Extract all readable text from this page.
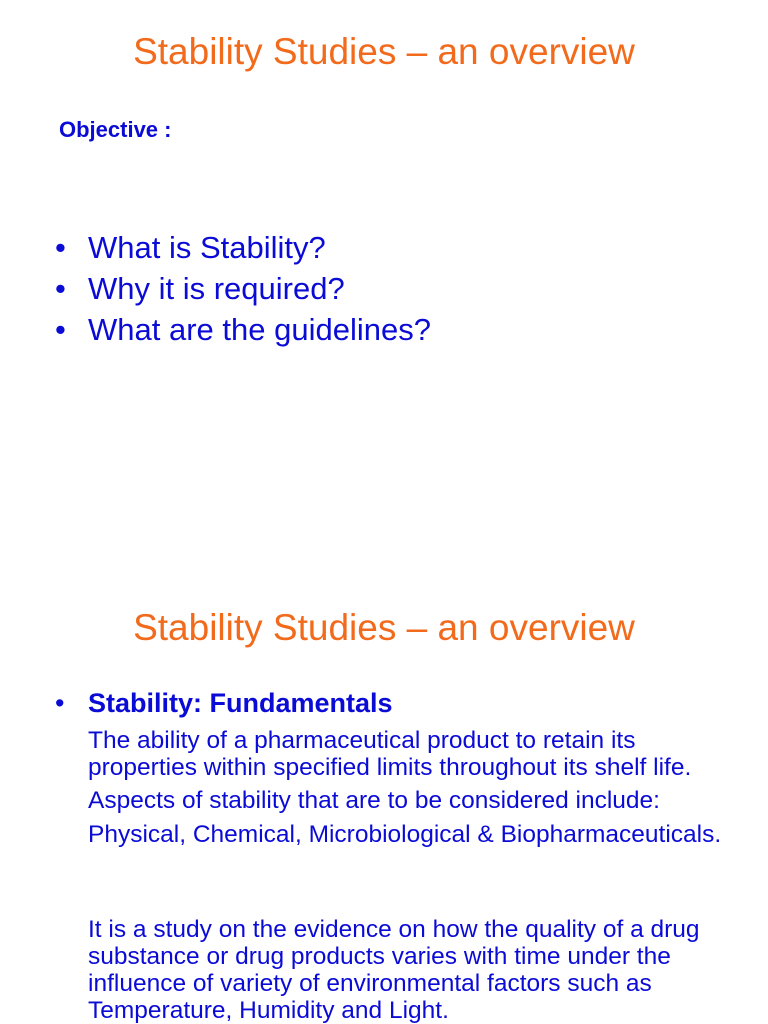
Stability Studies – an overview
Objective :
• What is Stability?
• Why it is required?
• What are the guidelines?
Stability Studies – an overview
• Stability: Fundamentals

The ability of a pharmaceutical product to retain its properties within specified limits throughout its shelf life.

Aspects of stability that are to be considered include:

Physical, Chemical, Microbiological & Biopharmaceuticals.

It is a study on the evidence on how the quality of a drug substance or drug products varies with time under the influence of variety of environmental factors such as Temperature, Humidity and Light.
